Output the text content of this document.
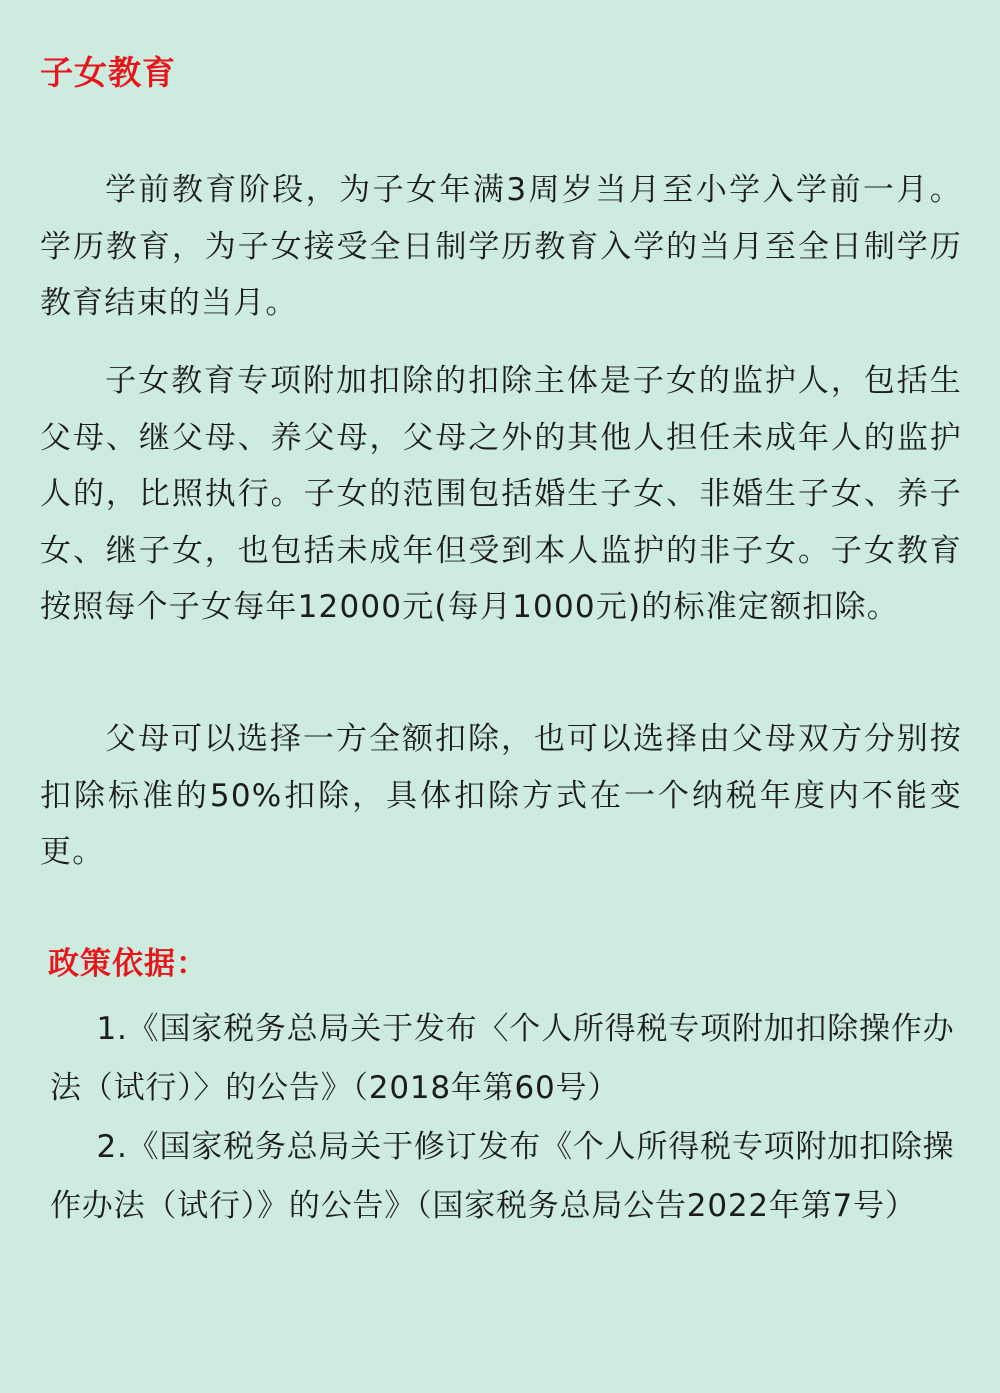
子女教育

学前教育阶段，为子女年满3周岁当月至小学入学前一月。学历教育，为子女接受全日制学历教育入学的当月至全日制学历教育结束的当月。

子女教育专项附加扣除的扣除主体是子女的监护人，包括生父母、继父母、养父母，父母之外的其他人担任未成年人的监护人的，比照执行。子女的范围包括婚生子女、非婚生子女、养子女、继子女，也包括未成年但受到本人监护的非子女。子女教育按照每个子女每年12000元(每月1000元)的标准定额扣除。

父母可以选择一方全额扣除，也可以选择由父母双方分别按扣除标准的50%扣除，具体扣除方式在一个纳税年度内不能变更。

政策依据：
1.《国家税务总局关于发布〈个人所得税专项附加扣除操作办法（试行）〉的公告》（2018年第60号）
2.《国家税务总局关于修订发布《个人所得税专项附加扣除操作办法（试行）》的公告》（国家税务总局公告2022年第7号）
